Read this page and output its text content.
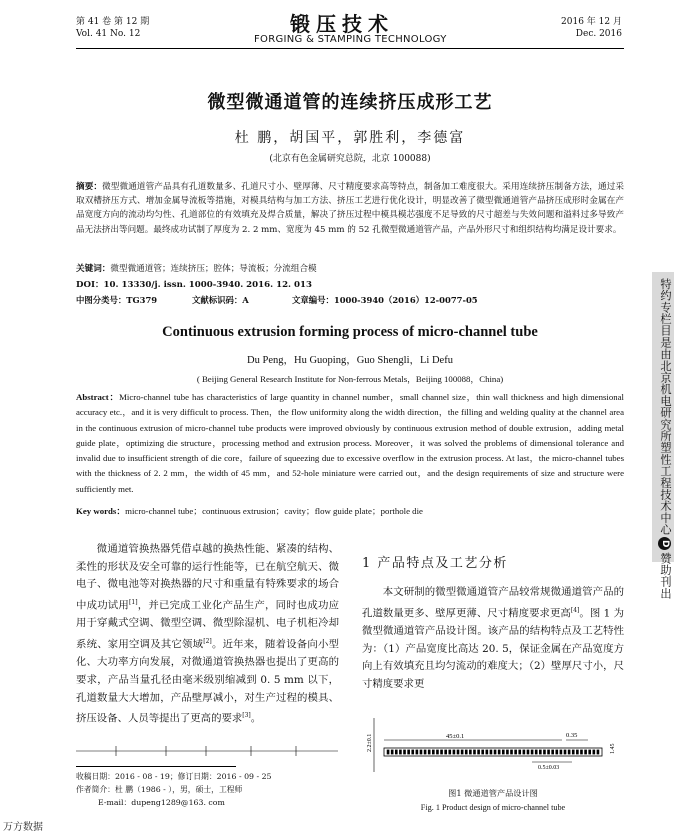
第 41 卷 第 12 期
Vol. 41 No. 12	锻压技术
FORGING & STAMPING TECHNOLOGY
2016 年 12 月
Dec. 2016
微型微通道管的连续挤压成形工艺
杜 鹏，胡国平，郭胜利，李德富
(北京有色金属研究总院，北京 100088)
摘要：微型微通道管产品具有孔道数量多、孔道尺寸小、壁厚薄、尺寸精度要求高等特点，制备加工难度很大。采用连续挤压制备方法，通过采取双槽挤压方式、增加金属导流板等措施，对模具结构与加工方法、挤压工艺进行优化设计，明显改善了微型微通道管产品挤压成形时金属在产品宽度方向的流动均匀性、孔道部位的有效填充及焊合质量，解决了挤压过程中模具模芯强度不足导致的尺寸超差与失效问题和溢料过多导致产品无法挤出等问题。最终成功试制了厚度为 2. 2 mm、宽度为 45 mm 的 52 孔微型微通道管产品，产品外形尺寸和组织结构均满足设计要求。
关键词：微型微通道管；连续挤压；腔体；导流板；分流组合模
DOI：10. 13330/j. issn. 1000-3940. 2016. 12. 013
中图分类号：TG379	文献标识码：A	文章编号：1000-3940（2016）12-0077-05
Continuous extrusion forming process of micro-channel tube
Du Peng，Hu Guoping，Guo Shengli，Li Defu
( Beijing General Research Institute for Non-ferrous Metals，Beijing 100088，China)
Abstract：Micro-channel tube has characteristics of large quantity in channel number，small channel size，thin wall thickness and high dimensional accuracy etc.，and it is very difficult to process. Then，the flow uniformity along the width direction，the filling and welding quality at the channel area in the continuous extrusion of micro-channel tube products were improved obviously by continuous extrusion method of double extrusion，adding metal guide plate，optimizing die structure，processing method and extrusion process. Moreover，it was solved the problems of dimensional tolerance and invalid due to insufficient strength of die core，failure of squeezing due to excessive overflow in the extrusion process. At last，the micro-channel tubes with the thickness of 2. 2 mm，the width of 45 mm，and 52-hole miniature were carried out，and the design requirements of size and structure were sufficiently met.
Key words：micro-channel tube；continuous extrusion；cavity；flow guide plate；porthole die
微通道管换热器凭借卓越的换热性能、紧凑的结构、柔性的形状及安全可靠的运行性能等，已在航空航天、微电子、微电池等对换热器的尺寸和重量有特殊要求的场合中成功试用[1]，并已完成工业化产品生产，同时也成功应用于穿戴式空调、微型空调、微型除湿机、电子机柜冷却系统、家用空调及其它领域[2]。近年来，随着设备向小型化、大功率方向发展，对微通道管换热器也提出了更高的要求，产品当量孔径由毫米级别缩减到 0. 5 mm 以下，孔道数量大大增加，产品壁厚减小，对生产过程的模具、挤压设备、人员等提出了更高的要求[3]。
收稿日期：2016 - 08 - 19；修订日期：2016 - 09 - 25
作者简介：杜 鹏（1986 - ），男，硕士，工程师
E-mail：dupeng1289@163. com
1 产品特点及工艺分析
本文研制的微型微通道管产品较常规微通道管产品的孔道数量更多、壁厚更薄、尺寸精度要求更高[4]。图 1 为微型微通道管产品设计图。该产品的结构特点及工艺特性为：（1）产品宽度比高达 20. 5，保证金属在产品宽度方向上有效填充且均匀流动的难度大；（2）壁厚尺寸小，尺寸精度要求更
2.2±0.1	45±0.1	0.35
1.45
0.5±0.03
图1 微通道管产品设计图
Fig. 1 Product design of micro-channel tube
特约专栏目是由北京机电研究所塑性工程技术中心D赞助刊出
万方数据
